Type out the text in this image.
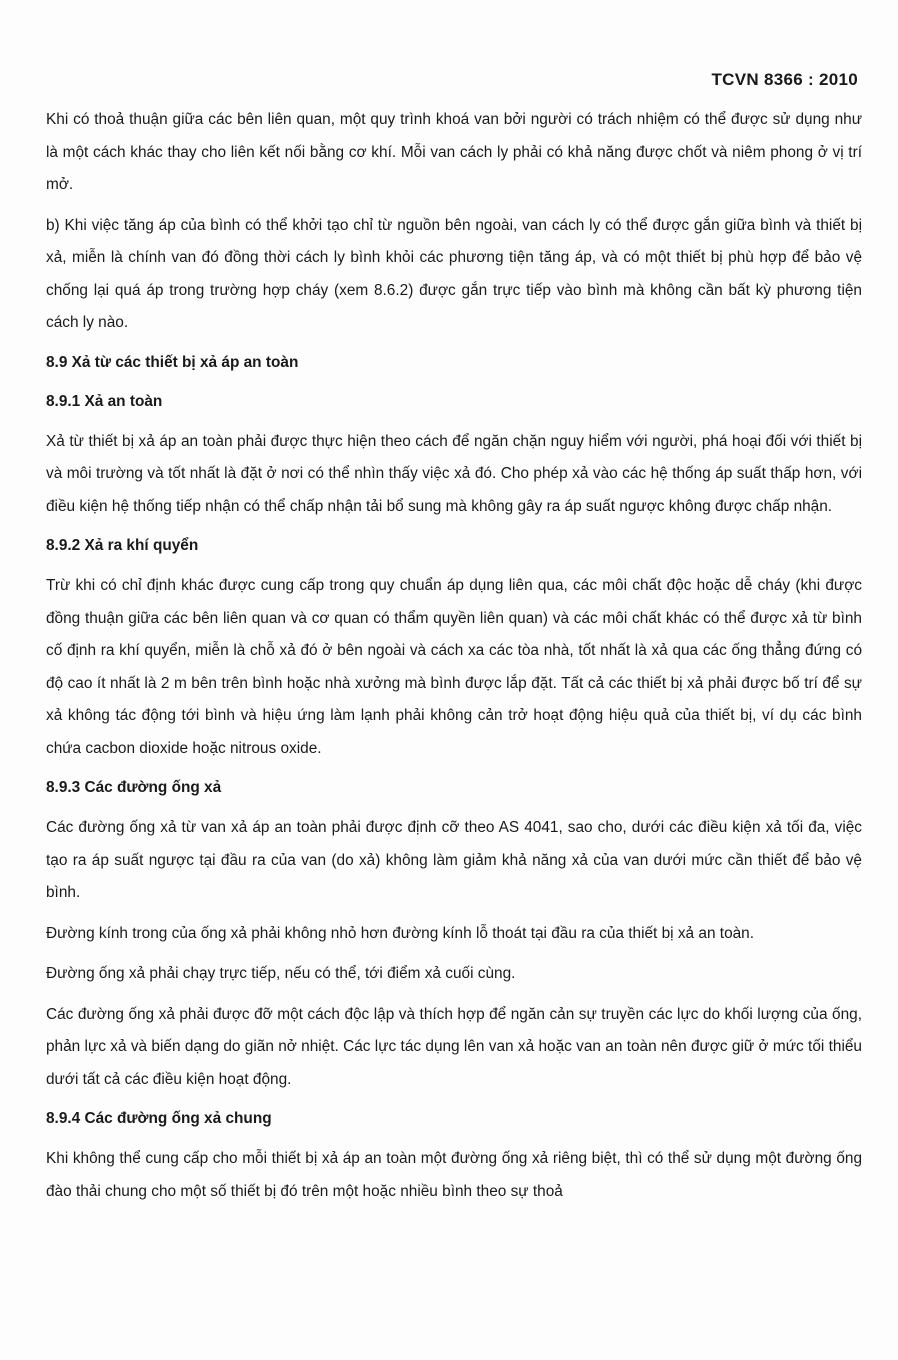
TCVN 8366 : 2010

Khi có thoả thuận giữa các bên liên quan, một quy trình khoá van bởi người có trách nhiệm có thể được sử dụng như là một cách khác thay cho liên kết nối bằng cơ khí. Mỗi van cách ly phải có khả năng được chốt và niêm phong ở vị trí mở.

b) Khi việc tăng áp của bình có thể khởi tạo chỉ từ nguồn bên ngoài, van cách ly có thể được gắn giữa bình và thiết bị xả, miễn là chính van đó đồng thời cách ly bình khỏi các phương tiện tăng áp, và có một thiết bị phù hợp để bảo vệ chống lại quá áp trong trường hợp cháy (xem 8.6.2) được gắn trực tiếp vào bình mà không cần bất kỳ phương tiện cách ly nào.

8.9 Xả từ các thiết bị xả áp an toàn
8.9.1 Xả an toàn

Xả từ thiết bị xả áp an toàn phải được thực hiện theo cách để ngăn chặn nguy hiểm với người, phá hoại đối với thiết bị và môi trường và tốt nhất là đặt ở nơi có thể nhìn thấy việc xả đó. Cho phép xả vào các hệ thống áp suất thấp hơn, với điều kiện hệ thống tiếp nhận có thể chấp nhận tải bổ sung mà không gây ra áp suất ngược không được chấp nhận.

8.9.2 Xả ra khí quyển

Trừ khi có chỉ định khác được cung cấp trong quy chuẩn áp dụng liên qua, các môi chất độc hoặc dễ cháy (khi được đồng thuận giữa các bên liên quan và cơ quan có thẩm quyền liên quan) và các môi chất khác có thể được xả từ bình cố định ra khí quyển, miễn là chỗ xả đó ở bên ngoài và cách xa các tòa nhà, tốt nhất là xả qua các ống thẳng đứng có độ cao ít nhất là 2 m bên trên bình hoặc nhà xưởng mà bình được lắp đặt. Tất cả các thiết bị xả phải được bố trí để sự xả không tác động tới bình và hiệu ứng làm lạnh phải không cản trở hoạt động hiệu quả của thiết bị, ví dụ các bình chứa cacbon dioxide hoặc nitrous oxide.

8.9.3 Các đường ống xả

Các đường ống xả từ van xả áp an toàn phải được định cỡ theo AS 4041, sao cho, dưới các điều kiện xả tối đa, việc tạo ra áp suất ngược tại đầu ra của van (do xả) không làm giảm khả năng xả của van dưới mức cần thiết để bảo vệ bình.

Đường kính trong của ống xả phải không nhỏ hơn đường kính lỗ thoát tại đầu ra của thiết bị xả an toàn.

Đường ống xả phải chạy trực tiếp, nếu có thể, tới điểm xả cuối cùng.

Các đường ống xả phải được đỡ một cách độc lập và thích hợp để ngăn cản sự truyền các lực do khối lượng của ống, phản lực xả và biến dạng do giãn nở nhiệt. Các lực tác dụng lên van xả hoặc van an toàn nên được giữ ở mức tối thiểu dưới tất cả các điều kiện hoạt động.

8.9.4 Các đường ống xả chung

Khi không thể cung cấp cho mỗi thiết bị xả áp an toàn một đường ống xả riêng biệt, thì có thể sử dụng một đường ống đào thải chung cho một số thiết bị đó trên một hoặc nhiều bình theo sự thoả
